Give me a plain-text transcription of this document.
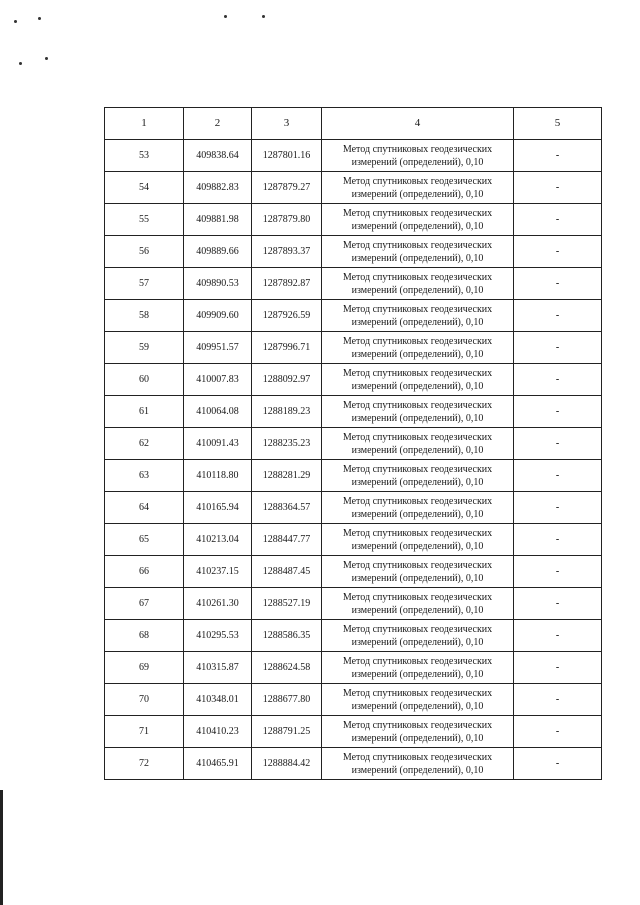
1	2	3	4	5
53	409838.64	1287801.16	Метод спутниковых геодезических измерений (определений), 0,10	-
54	409882.83	1287879.27	Метод спутниковых геодезических измерений (определений), 0,10	-
55	409881.98	1287879.80	Метод спутниковых геодезических измерений (определений), 0,10	-
56	409889.66	1287893.37	Метод спутниковых геодезических измерений (определений), 0,10	-
57	409890.53	1287892.87	Метод спутниковых геодезических измерений (определений), 0,10	-
58	409909.60	1287926.59	Метод спутниковых геодезических измерений (определений), 0,10	-
59	409951.57	1287996.71	Метод спутниковых геодезических измерений (определений), 0,10	-
60	410007.83	1288092.97	Метод спутниковых геодезических измерений (определений), 0,10	-
61	410064.08	1288189.23	Метод спутниковых геодезических измерений (определений), 0,10	-
62	410091.43	1288235.23	Метод спутниковых геодезических измерений (определений), 0,10	-
63	410118.80	1288281.29	Метод спутниковых геодезических измерений (определений), 0,10	-
64	410165.94	1288364.57	Метод спутниковых геодезических измерений (определений), 0,10	-
65	410213.04	1288447.77	Метод спутниковых геодезических измерений (определений), 0,10	-
66	410237.15	1288487.45	Метод спутниковых геодезических измерений (определений), 0,10	-
67	410261.30	1288527.19	Метод спутниковых геодезических измерений (определений), 0,10	-
68	410295.53	1288586.35	Метод спутниковых геодезических измерений (определений), 0,10	-
69	410315.87	1288624.58	Метод спутниковых геодезических измерений (определений), 0,10	-
70	410348.01	1288677.80	Метод спутниковых геодезических измерений (определений), 0,10	-
71	410410.23	1288791.25	Метод спутниковых геодезических измерений (определений), 0,10	-
72	410465.91	1288884.42	Метод спутниковых геодезических измерений (определений), 0,10	-
